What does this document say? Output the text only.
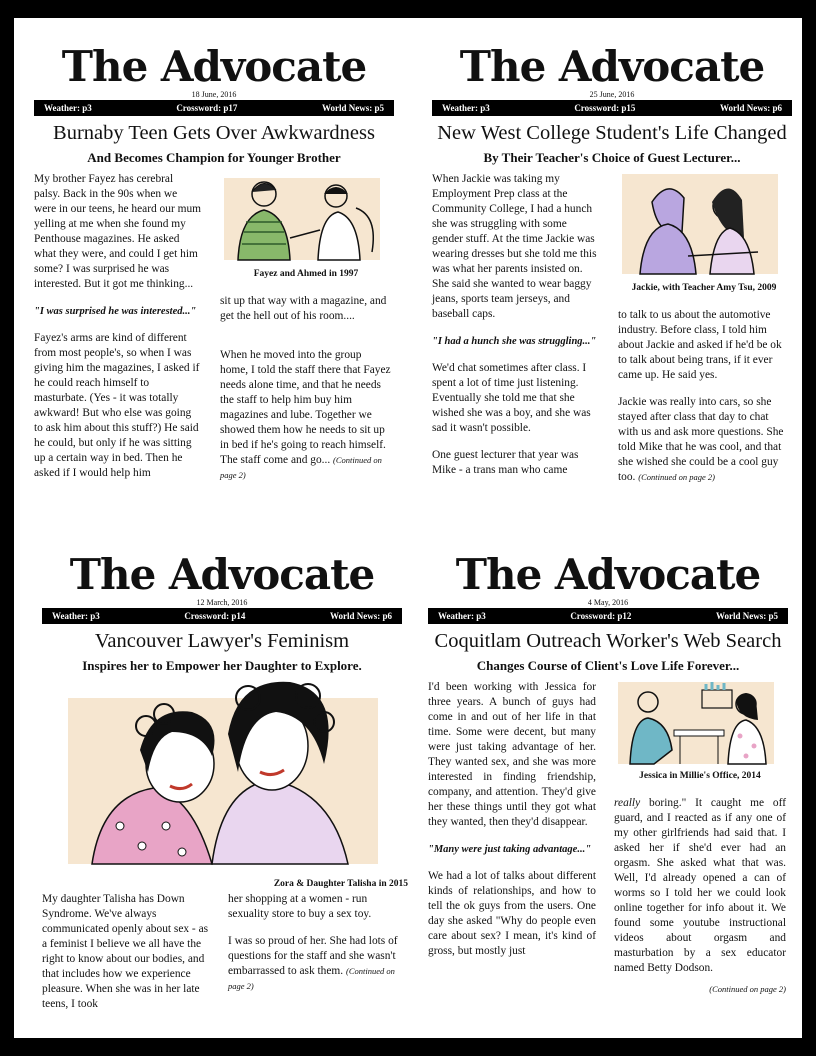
The Advocate
18 June, 2016
Weather: p3	Crossword: p17	World News: p5
Burnaby Teen Gets Over Awkwardness
And Becomes Champion for Younger Brother

My brother Fayez has cerebral palsy. Back in the 90s when we were in our teens, he heard our mum yelling at me when she found my Penthouse magazines. He asked what they were, and could I get him some? I was surprised he was interested. But it got me thinking...

"I was surprised he was interested..."

Fayez's arms are kind of different from most people's, so when I was giving him the magazines, I asked if he could reach himself to masturbate. (Yes - it was totally awkward! But who else was going to ask him about this stuff?) He said he could, but only if he was sitting up a certain way in bed. Then he asked if I would help him

Fayez and Ahmed in 1997

sit up that way with a magazine, and get the hell out of his room....

When he moved into the group home, I told the staff there that Fayez needs alone time, and that he needs the staff to help him buy him magazines and lube. Together we showed them how he needs to sit up in bed if he's going to reach himself. The staff come and go... (Continued on page 2)

The Advocate
25 June, 2016
Weather: p3	Crossword: p15	World News: p6
New West College Student's Life Changed
By Their Teacher's Choice of Guest Lecturer...

When Jackie was taking my Employment Prep class at the Community College, I had a hunch she was struggling with some gender stuff. At the time Jackie was wearing dresses but she told me this was what her parents insisted on. She said she wanted to wear baggy jeans, sports team jerseys, and baseball caps.

"I had a hunch she was struggling..."

We'd chat sometimes after class. I spent a lot of time just listening. Eventually she told me that she wished she was a boy, and she was sad it wasn't possible.

One guest lecturer that year was Mike - a trans man who came

Jackie, with Teacher Amy Tsu, 2009

to talk to us about the automotive industry. Before class, I told him about Jackie and asked if he'd be ok to talk about being trans, if it ever came up. He said yes.

Jackie was really into cars, so she stayed after class that day to chat with us and ask more questions. She told Mike that he was cool, and that she wished she could be a cool guy too. (Continued on page 2)

The Advocate
12 March, 2016
Weather: p3	Crossword: p14	World News: p6
Vancouver Lawyer's Feminism
Inspires her to Empower her Daughter to Explore.
Zora & Daughter Talisha in 2015

My daughter Talisha has Down Syndrome. We've always communicated openly about sex - as a feminist I believe we all have the right to know about our bodies, and that includes how we experience pleasure. When she was in her late teens, I took

her shopping at a women - run sexuality store to buy a sex toy.

I was so proud of her. She had lots of questions for the staff and she wasn't embarrassed to ask them. (Continued on page 2)

The Advocate
4 May, 2016
Weather: p3	Crossword: p12	World News: p5
Coquitlam Outreach Worker's Web Search
Changes Course of Client's Love Life Forever...

I'd been working with Jessica for three years. A bunch of guys had come in and out of her life in that time. Some were decent, but many were just taking advantage of her. They wanted sex, and she was more interested in finding friendship, company, and attention. They'd give her these things until they got what they wanted, then they'd disappear.

"Many were just taking advantage..."

We had a lot of talks about different kinds of relationships, and how to tell the ok guys from the users. One day she asked "Why do people even care about sex? I mean, it's kind of gross, but mostly just

Jessica in Millie's Office, 2014

really boring." It caught me off guard, and I reacted as if any one of my other girlfriends had said that. I asked her if she'd ever had an orgasm. She asked what that was. Well, I'd already opened a can of worms so I told her we could look online together for info about it. We found some youtube instructional videos about orgasm and masturbation by a sex educator named Betty Dodson.

(Continued on page 2)
